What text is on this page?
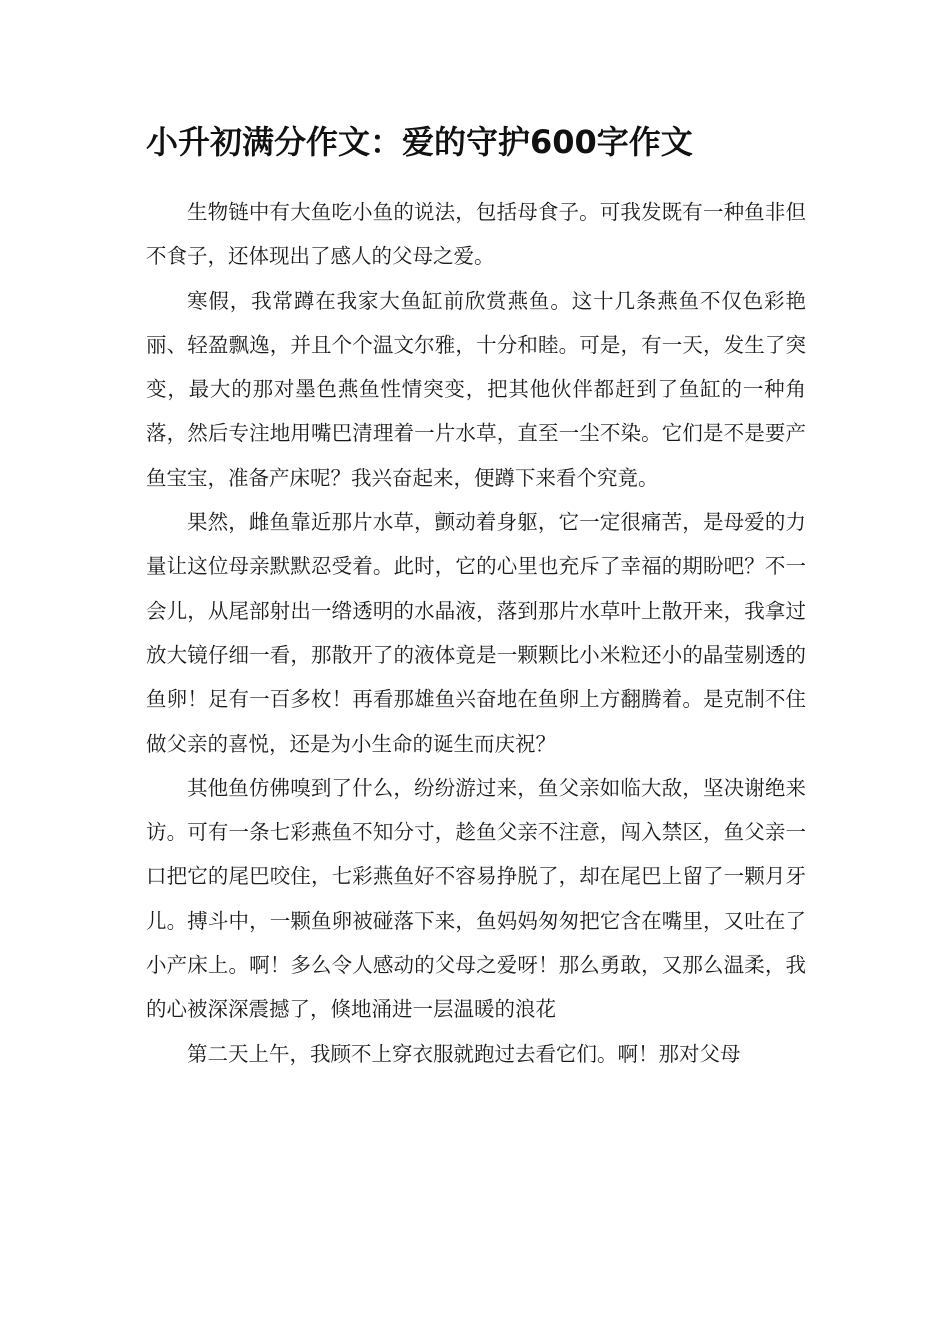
小升初满分作文：爱的守护600字作文

生物链中有大鱼吃小鱼的说法，包括母食子。可我发既有一种鱼非但不食子，还体现出了感人的父母之爱。

寒假，我常蹲在我家大鱼缸前欣赏燕鱼。这十几条燕鱼不仅色彩艳丽、轻盈飘逸，并且个个温文尔雅，十分和睦。可是，有一天，发生了突变，最大的那对墨色燕鱼性情突变，把其他伙伴都赶到了鱼缸的一种角落，然后专注地用嘴巴清理着一片水草，直至一尘不染。它们是不是要产鱼宝宝，准备产床呢？我兴奋起来，便蹲下来看个究竟。

果然，雌鱼靠近那片水草，颤动着身躯，它一定很痛苦，是母爱的力量让这位母亲默默忍受着。此时，它的心里也充斥了幸福的期盼吧？不一会儿，从尾部射出一绺透明的水晶液，落到那片水草叶上散开来，我拿过放大镜仔细一看，那散开了的液体竟是一颗颗比小米粒还小的晶莹剔透的鱼卵！足有一百多枚！再看那雄鱼兴奋地在鱼卵上方翻腾着。是克制不住做父亲的喜悦，还是为小生命的诞生而庆祝？

其他鱼仿佛嗅到了什么，纷纷游过来，鱼父亲如临大敌，坚决谢绝来访。可有一条七彩燕鱼不知分寸，趁鱼父亲不注意，闯入禁区，鱼父亲一口把它的尾巴咬住，七彩燕鱼好不容易挣脱了，却在尾巴上留了一颗月牙儿。搏斗中，一颗鱼卵被碰落下来，鱼妈妈匆匆把它含在嘴里，又吐在了小产床上。啊！多么令人感动的父母之爱呀！那么勇敢，又那么温柔，我的心被深深震撼了，倏地涌进一层温暖的浪花

第二天上午，我顾不上穿衣服就跑过去看它们。啊！那对父母
